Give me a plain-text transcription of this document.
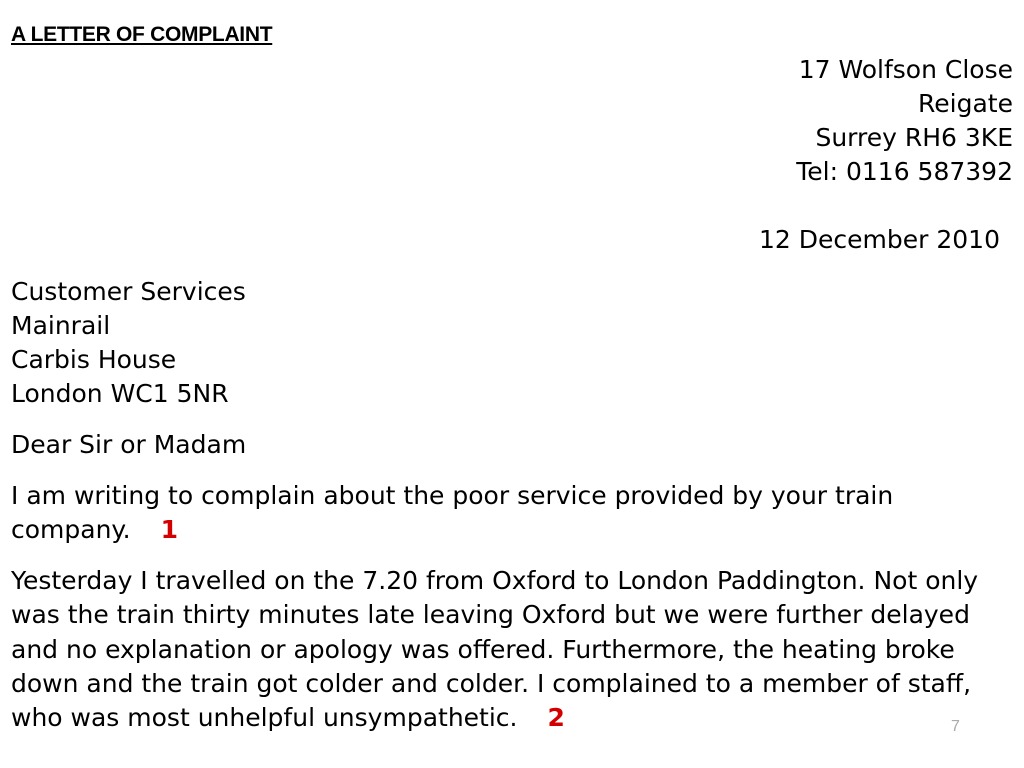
A LETTER OF COMPLAINT
17 Wolfson Close
Reigate
Surrey RH6 3KE
Tel: 0116 587392
12 December 2010
Customer Services
Mainrail
Carbis House
London WC1 5NR
Dear Sir or Madam
I am writing to complain about the poor service provided by your train company. 1
Yesterday I travelled on the 7.20 from Oxford to London Paddington. Not only was the train thirty minutes late leaving Oxford but we were further delayed and no explanation or apology was offered. Furthermore, the heating broke down and the train got colder and colder. I complained to a member of staff, who was most unhelpful unsympathetic. 2	7
